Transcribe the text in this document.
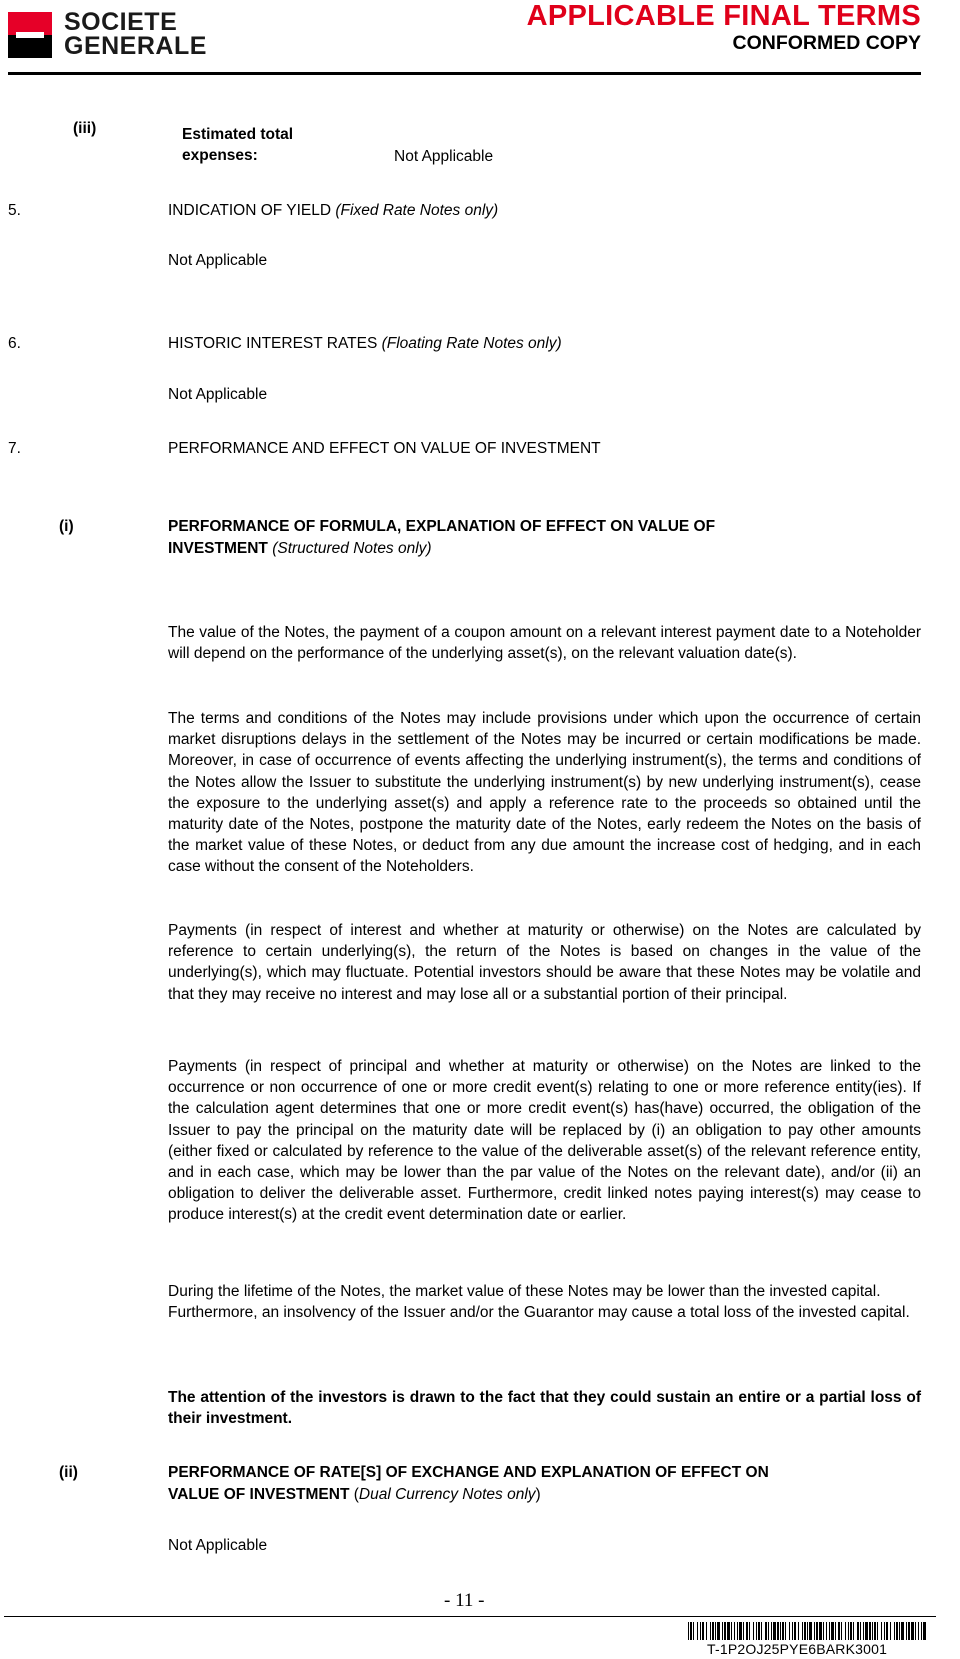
SOCIETE
GENERALE
APPLICABLE FINAL TERMS
CONFORMED COPY
(iii)	Estimated total
expenses:	Not Applicable
5.	INDICATION OF YIELD (Fixed Rate Notes only)
Not Applicable
6.	HISTORIC INTEREST RATES (Floating Rate Notes only)
Not Applicable
7.	PERFORMANCE AND EFFECT ON VALUE OF INVESTMENT
(i)	PERFORMANCE OF FORMULA, EXPLANATION OF EFFECT ON VALUE OF
INVESTMENT (Structured Notes only)

The value of the Notes, the payment of a coupon amount on a relevant interest payment date to a Noteholder will depend on the performance of the underlying asset(s), on the relevant valuation date(s).

The terms and conditions of the Notes may include provisions under which upon the occurrence of certain market disruptions delays in the settlement of the Notes may be incurred or certain modifications be made. Moreover, in case of occurrence of events affecting the underlying instrument(s), the terms and conditions of the Notes allow the Issuer to substitute the underlying instrument(s) by new underlying instrument(s), cease the exposure to the underlying asset(s) and apply a reference rate to the proceeds so obtained until the maturity date of the Notes, postpone the maturity date of the Notes, early redeem the Notes on the basis of the market value of these Notes, or deduct from any due amount the increase cost of hedging, and in each case without the consent of the Noteholders.

Payments (in respect of interest and whether at maturity or otherwise) on the Notes are calculated by reference to certain underlying(s), the return of the Notes is based on changes in the value of the underlying(s), which may fluctuate. Potential investors should be aware that these Notes may be volatile and that they may receive no interest and may lose all or a substantial portion of their principal.

Payments (in respect of principal and whether at maturity or otherwise) on the Notes are linked to the occurrence or non occurrence of one or more credit event(s) relating to one or more reference entity(ies). If the calculation agent determines that one or more credit event(s) has(have) occurred, the obligation of the Issuer to pay the principal on the maturity date will be replaced by (i) an obligation to pay other amounts (either fixed or calculated by reference to the value of the deliverable asset(s) of the relevant reference entity, and in each case, which may be lower than the par value of the Notes on the relevant date), and/or (ii) an obligation to deliver the deliverable asset. Furthermore, credit linked notes paying interest(s) may cease to produce interest(s) at the credit event determination date or earlier.

During the lifetime of the Notes, the market value of these Notes may be lower than the invested capital.

Furthermore, an insolvency of the Issuer and/or the Guarantor may cause a total loss of the invested capital.

The attention of the investors is drawn to the fact that they could sustain an entire or a partial loss of their investment.

(ii)	PERFORMANCE OF RATE[S] OF EXCHANGE AND EXPLANATION OF EFFECT ON
VALUE OF INVESTMENT (Dual Currency Notes only)
Not Applicable
- 11 -
T-1P2OJ25PYE6BARK3001
